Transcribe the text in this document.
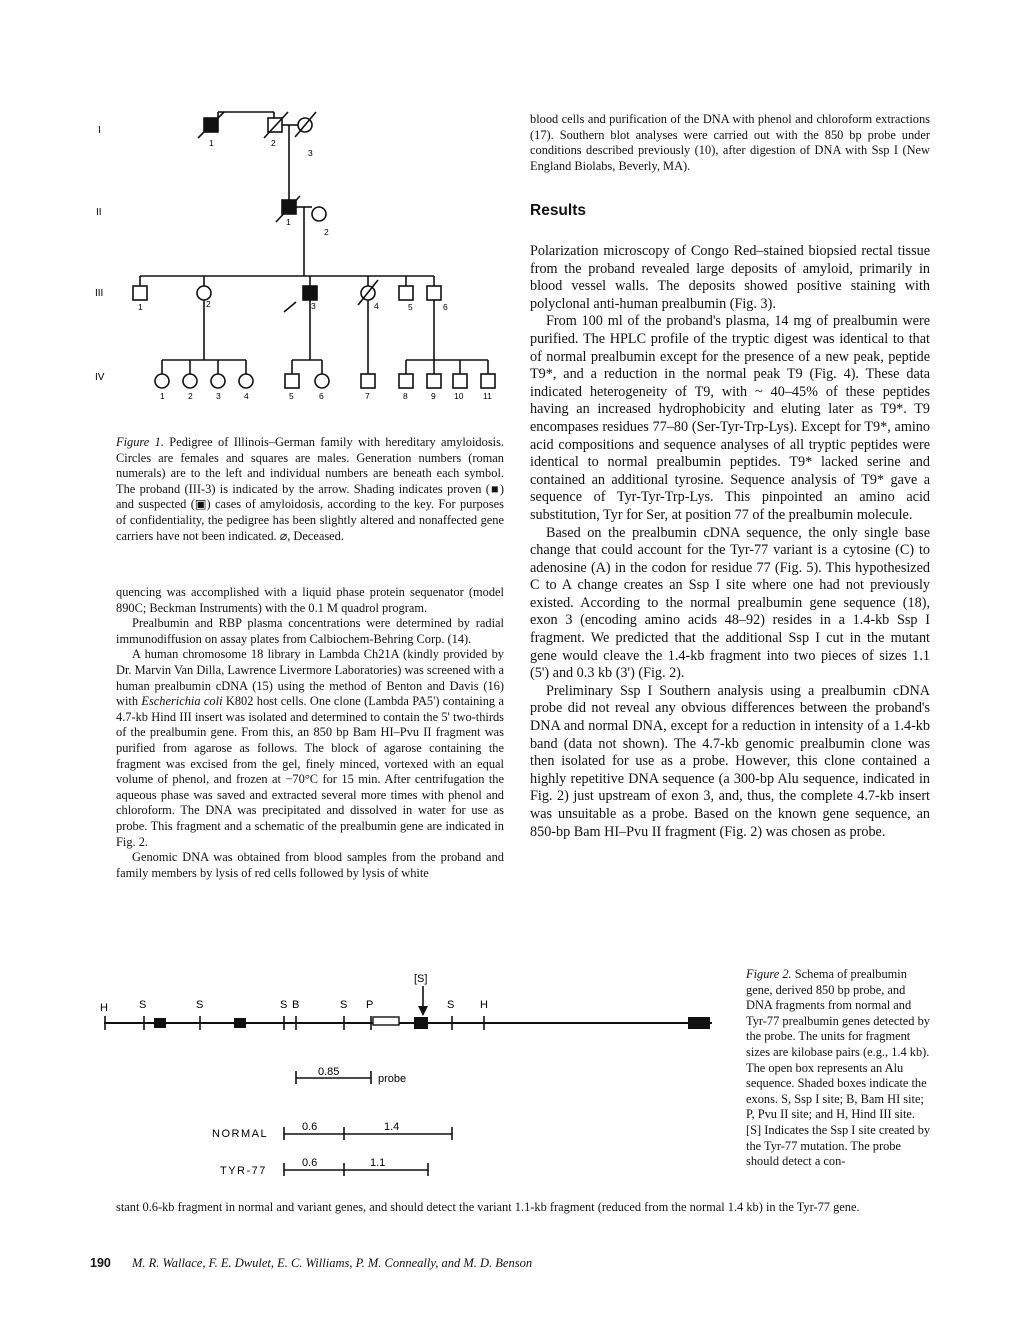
I
II
III
IV
1	2
3
1
2
1	2	3	4	5	6
1	2	3	4	5	6	7	8	9 10 11
Figure 1. Pedigree of Illinois–German family with hereditary amyloidosis. Circles are females and squares are males. Generation numbers (roman numerals) are to the left and individual numbers are beneath each symbol. The proband (III-3) is indicated by the arrow. Shading indicates proven (■) and suspected (▣) cases of amyloidosis, according to the key. For purposes of confidentiality, the pedigree has been slightly altered and nonaffected gene carriers have not been indicated. ⌀, Deceased.

quencing was accomplished with a liquid phase protein sequenator (model 890C; Beckman Instruments) with the 0.1 M quadrol program.

Prealbumin and RBP plasma concentrations were determined by radial immunodiffusion on assay plates from Calbiochem-Behring Corp. (14).

A human chromosome 18 library in Lambda Ch21A (kindly provided by Dr. Marvin Van Dilla, Lawrence Livermore Laboratories) was screened with a human prealbumin cDNA (15) using the method of Benton and Davis (16) with Escherichia coli K802 host cells. One clone (Lambda PA5') containing a 4.7-kb Hind III insert was isolated and determined to contain the 5' two-thirds of the prealbumin gene. From this, an 850 bp Bam HI–Pvu II fragment was purified from agarose as follows. The block of agarose containing the fragment was excised from the gel, finely minced, vortexed with an equal volume of phenol, and frozen at −70°C for 15 min. After centrifugation the aqueous phase was saved and extracted several more times with phenol and chloroform. The DNA was precipitated and dissolved in water for use as probe. This fragment and a schematic of the prealbumin gene are indicated in Fig. 2.

Genomic DNA was obtained from blood samples from the proband and family members by lysis of red cells followed by lysis of white

blood cells and purification of the DNA with phenol and chloroform extractions (17). Southern blot analyses were carried out with the 850 bp probe under conditions described previously (10), after digestion of DNA with Ssp I (New England Biolabs, Beverly, MA).

Results

Polarization microscopy of Congo Red–stained biopsied rectal tissue from the proband revealed large deposits of amyloid, primarily in blood vessel walls. The deposits showed positive staining with polyclonal anti-human prealbumin (Fig. 3).

From 100 ml of the proband's plasma, 14 mg of prealbumin were purified. The HPLC profile of the tryptic digest was identical to that of normal prealbumin except for the presence of a new peak, peptide T9*, and a reduction in the normal peak T9 (Fig. 4). These data indicated heterogeneity of T9, with ~ 40–45% of these peptides having an increased hydrophobicity and eluting later as T9*. T9 encompases residues 77–80 (Ser-Tyr-Trp-Lys). Except for T9*, amino acid compositions and sequence analyses of all tryptic peptides were identical to normal prealbumin peptides. T9* lacked serine and contained an additional tyrosine. Sequence analysis of T9* gave a sequence of Tyr-Tyr-Trp-Lys. This pinpointed an amino acid substitution, Tyr for Ser, at position 77 of the prealbumin molecule.

Based on the prealbumin cDNA sequence, the only single base change that could account for the Tyr-77 variant is a cytosine (C) to adenosine (A) in the codon for residue 77 (Fig. 5). This hypothesized C to A change creates an Ssp I site where one had not previously existed. According to the normal prealbumin gene sequence (18), exon 3 (encoding amino acids 48–92) resides in a 1.4-kb Ssp I fragment. We predicted that the additional Ssp I cut in the mutant gene would cleave the 1.4-kb fragment into two pieces of sizes 1.1 (5') and 0.3 kb (3') (Fig. 2).

Preliminary Ssp I Southern analysis using a prealbumin cDNA probe did not reveal any obvious differences between the proband's DNA and normal DNA, except for a reduction in intensity of a 1.4-kb band (data not shown). The 4.7-kb genomic prealbumin clone was then isolated for use as a probe. However, this clone contained a highly repetitive DNA sequence (a 300-bp Alu sequence, indicated in Fig. 2) just upstream of exon 3, and, thus, the complete 4.7-kb insert was unsuitable as a probe. Based on the known gene sequence, an 850-bp Bam HI–Pvu II fragment (Fig. 2) was chosen as probe.

H	S	S	S B	S P	S H
[S]
0.85
probe
NORMAL
0.6	1.4
TYR-77
0.6	1.1
Figure 2. Schema of prealbumin gene, derived 850 bp probe, and DNA fragments from normal and Tyr-77 prealbumin genes detected by the probe. The units for fragment sizes are kilobase pairs (e.g., 1.4 kb). The open box represents an Alu sequence. Shaded boxes indicate the exons. S, Ssp I site; B, Bam HI site; P, Pvu II site; and H, Hind III site. [S] Indicates the Ssp I site created by the Tyr-77 mutation. The probe should detect a con-
stant 0.6-kb fragment in normal and variant genes, and should detect the variant 1.1-kb fragment (reduced from the normal 1.4 kb) in the Tyr-77 gene.
190 M. R. Wallace, F. E. Dwulet, E. C. Williams, P. M. Conneally, and M. D. Benson
